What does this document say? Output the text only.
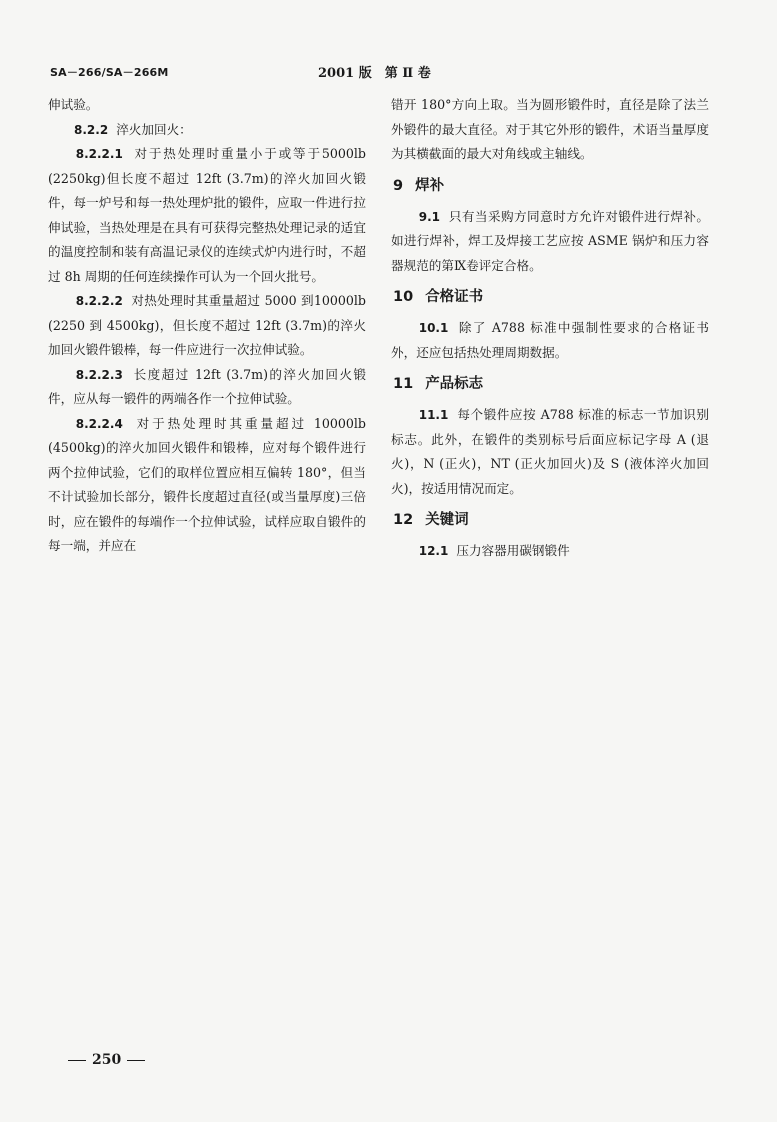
SA－266/SA－266M	2001 版　第 Ⅱ 卷

伸试验。

8.2.2 淬火加回火：

8.2.2.1 对于热处理时重量小于或等于5000lb (2250kg)但长度不超过 12ft (3.7m)的淬火加回火锻件，每一炉号和每一热处理炉批的锻件，应取一件进行拉伸试验，当热处理是在具有可获得完整热处理记录的适宜的温度控制和装有高温记录仪的连续式炉内进行时，不超过 8h 周期的任何连续操作可认为一个回火批号。

8.2.2.2 对热处理时其重量超过 5000 到10000lb (2250 到 4500kg)，但长度不超过 12ft (3.7m)的淬火加回火锻件锻棒，每一件应进行一次拉伸试验。

8.2.2.3 长度超过 12ft (3.7m)的淬火加回火锻件，应从每一锻件的两端各作一个拉伸试验。

8.2.2.4 对于热处理时其重量超过 10000lb (4500kg)的淬火加回火锻件和锻棒，应对每个锻件进行两个拉伸试验，它们的取样位置应相互偏转 180°，但当不计试验加长部分，锻件长度超过直径(或当量厚度)三倍时，应在锻件的每端作一个拉伸试验，试样应取自锻件的每一端，并应在

错开 180°方向上取。当为圆形锻件时，直径是除了法兰外锻件的最大直径。对于其它外形的锻件，术语当量厚度为其横截面的最大对角线或主轴线。

9 焊补

9.1 只有当采购方同意时方允许对锻件进行焊补。如进行焊补，焊工及焊接工艺应按 ASME 锅炉和压力容器规范的第Ⅸ卷评定合格。

10 合格证书

10.1 除了 A788 标准中强制性要求的合格证书外，还应包括热处理周期数据。

11 产品标志

11.1 每个锻件应按 A788 标准的标志一节加识别标志。此外，在锻件的类别标号后面应标记字母 A (退火)，N (正火)，NT (正火加回火)及 S (液体淬火加回火)，按适用情况而定。

12 关键词

12.1 压力容器用碳钢锻件

250
